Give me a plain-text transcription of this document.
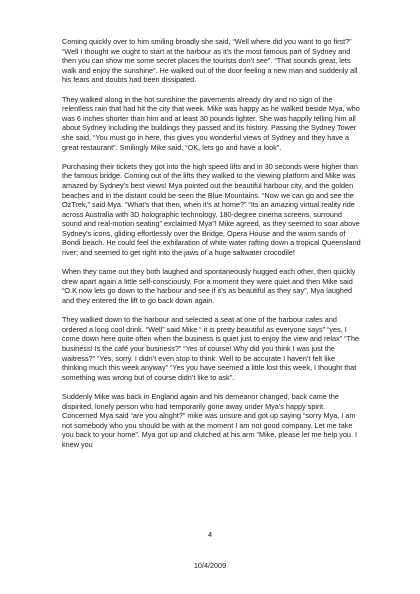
Coming quickly over to him smiling broadly she said, “Well where did you want to go first?” “Well I thought we ought to start at the harbour as it’s the most famous part of Sydney and then you can show me some secret places the tourists don’t see”. “That sounds great, lets walk and enjoy the sunshine”. He walked out of the door feeling a new man and suddenly all his fears and doubts had been dissipated.

They walked along in the hot sunshine the pavements already dry and no sign of the relentless rain that had hit the city that week. Mike was happy as he walked beside Mya, who was 6 inches shorter than him and at least 30 pounds lighter. She was happily telling him all about Sydney including the buildings they passed and its history. Passing the Sydney Tower she said, “You must go in here, this gives you wonderful views of Sydney and they have a great restaurant”. Smilingly Mike said, “OK, lets go and have a look”.

Purchasing their tickets they got into the high speed lifts and in 30 seconds were higher than the famous bridge. Coming out of the lifts they walked to the viewing platform and Mike was amazed by Sydney’s best views! Mya pointed out the beautiful harbour city, and the golden beaches and in the distant could be seen the Blue Mountains. “Now we can go and see the OzTrek,” said Mya. “What’s that then, when it’s at home?” “Its an amazing virtual reality ride across Australia with 3D holographic technology, 180-degree cinema screens, surround sound and real-motion seating” exclaimed Mya”! Mike agreed, as they seemed to soar above Sydney’s icons, gliding effortlessly over the Bridge, Opera House and the warm sands of Bondi beach. He could feel the exhilaration of white water rafting down a tropical Queensland river; and seemed to get right into the jaws of a huge saltwater crocodile!

When they came out they both laughed and spontaneously hugged each other, then quickly drew apart again a little self-consciously. For a moment they were quiet and then Mike said “O.K now lets go down to the harbour and see if it’s as beautiful as they say”, Mya laughed and they entered the lift to go back down again.

They walked down to the harbour and selected a seat at one of the harbour cafes and ordered a long cool drink. “Well” said Mike “ it is pretty beautiful as everyone says” “yes, I come down here quite often when the business is quiet just to enjoy the view and relax” “The business! Is the café your business?” “Yes of course! Why did you think I was just the waitress?” “Yes, sorry. I didn’t even stop to think. Well to be accurate I haven’t felt like thinking much this week anyway” “Yes you have seemed a little lost this week, I thought that something was wrong but of course didn’t like to ask”.

Suddenly Mike was back in England again and his demeanor changed, back came the dispirited, lonely person who had temporarily gone away under Mya’s happy spirit. Concerned Mya said “are you alright?” mike was unsure and got up saying “sorry Mya, I am not somebody who you should be with at the moment I am not good company. Let me take you back to your home”. Mya got up and clutched at his arm “Mike, please let me help you. I knew you

4
10/4/2009
